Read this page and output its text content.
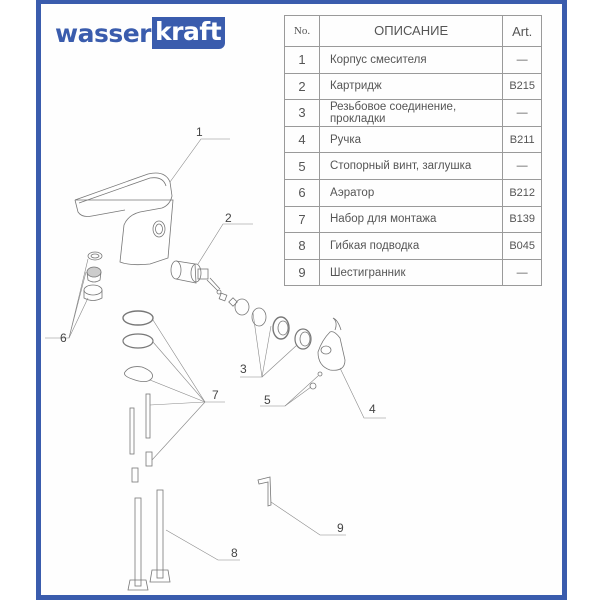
wasser kraft	No.	ОПИСАНИЕ	Art.
1	Корпус смесителя	—
2	Картридж	B215
3	Резьбовое соединение, прокладки	—
4	Ручка	B211
5	Стопорный винт, заглушка	—
6	Аэратор	B212
7	Набор для монтажа	B139
8	Гибкая подводка	B045
9	Шестигранник	—
1
2
3
4
5
6
7
8
9
